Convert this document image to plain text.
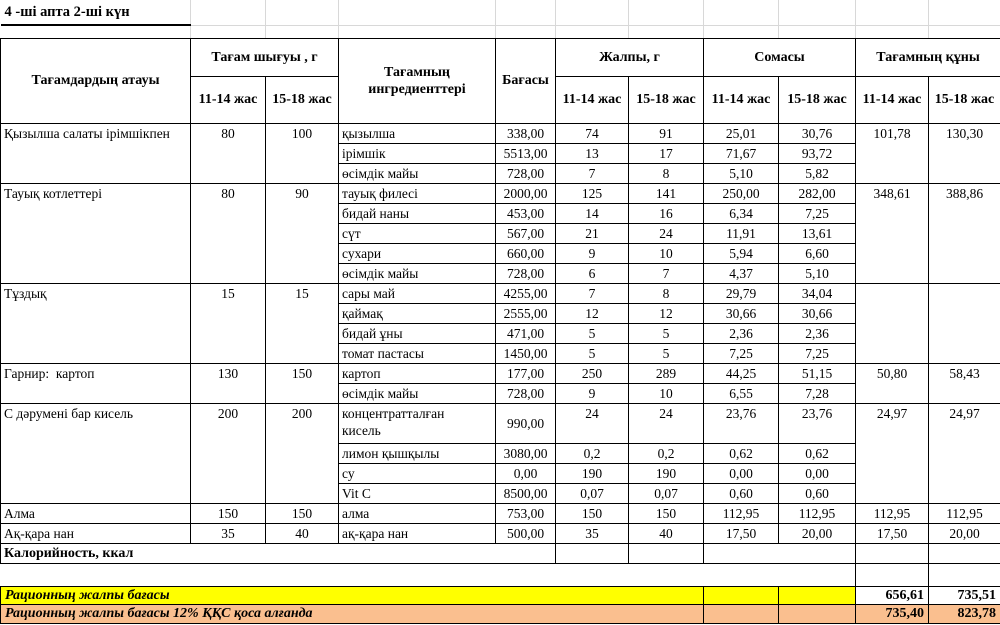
4 -ші апта 2-ші күн										

Тағамдардың атауы	Тағам шығуы , г		Тағамның ингредиенттері	Бағасы	Жалпы, г		Сомасы		Тағамның құны	
	11-14 жас	15-18 жас			11-14 жас	15-18 жас	11-14 жас	15-18 жас	11-14 жас	15-18 жас
Қызылша салаты ірімшікпен	80	100	қызылша	338,00	74	91	25,01	30,76	101,78	130,30
			ірімшік	5513,00	13	17	71,67	93,72		
			өсімдік майы	728,00	7	8	5,10	5,82		
Тауық котлеттері	80	90	тауық филесі	2000,00	125	141	250,00	282,00	348,61	388,86
			бидай наны	453,00	14	16	6,34	7,25		
			сүт	567,00	21	24	11,91	13,61		
			сухари	660,00	9	10	5,94	6,60		
			өсімдік майы	728,00	6	7	4,37	5,10		
Тұздық	15	15	сары май	4255,00	7	8	29,79	34,04		
			қаймақ	2555,00	12	12	30,66	30,66		
			бидай ұны	471,00	5	5	2,36	2,36		
			томат пастасы	1450,00	5	5	7,25	7,25		
Гарнир:  картоп	130	150	картоп	177,00	250	289	44,25	51,15	50,80	58,43
			өсімдік майы	728,00	9	10	6,55	7,28		
С дәрумені бар кисель	200	200	концентратталған кисель	990,00	24	24	23,76	23,76	24,97	24,97
			лимон қышқылы	3080,00	0,2	0,2	0,62	0,62		
			су	0,00	190	190	0,00	0,00		
			Vit C	8500,00	0,07	0,07	0,60	0,60		
Алма	150	150	алма	753,00	150	150	112,95	112,95	112,95	112,95
Ақ-қара нан	35	40	ақ-қара нан	500,00	35	40	17,50	20,00	17,50	20,00
Калорийность, ккал										

Рационның жалпы бағасы									656,61	735,51
Рационның жалпы бағасы 12% ҚҚС қоса алғанда									735,40	823,78
